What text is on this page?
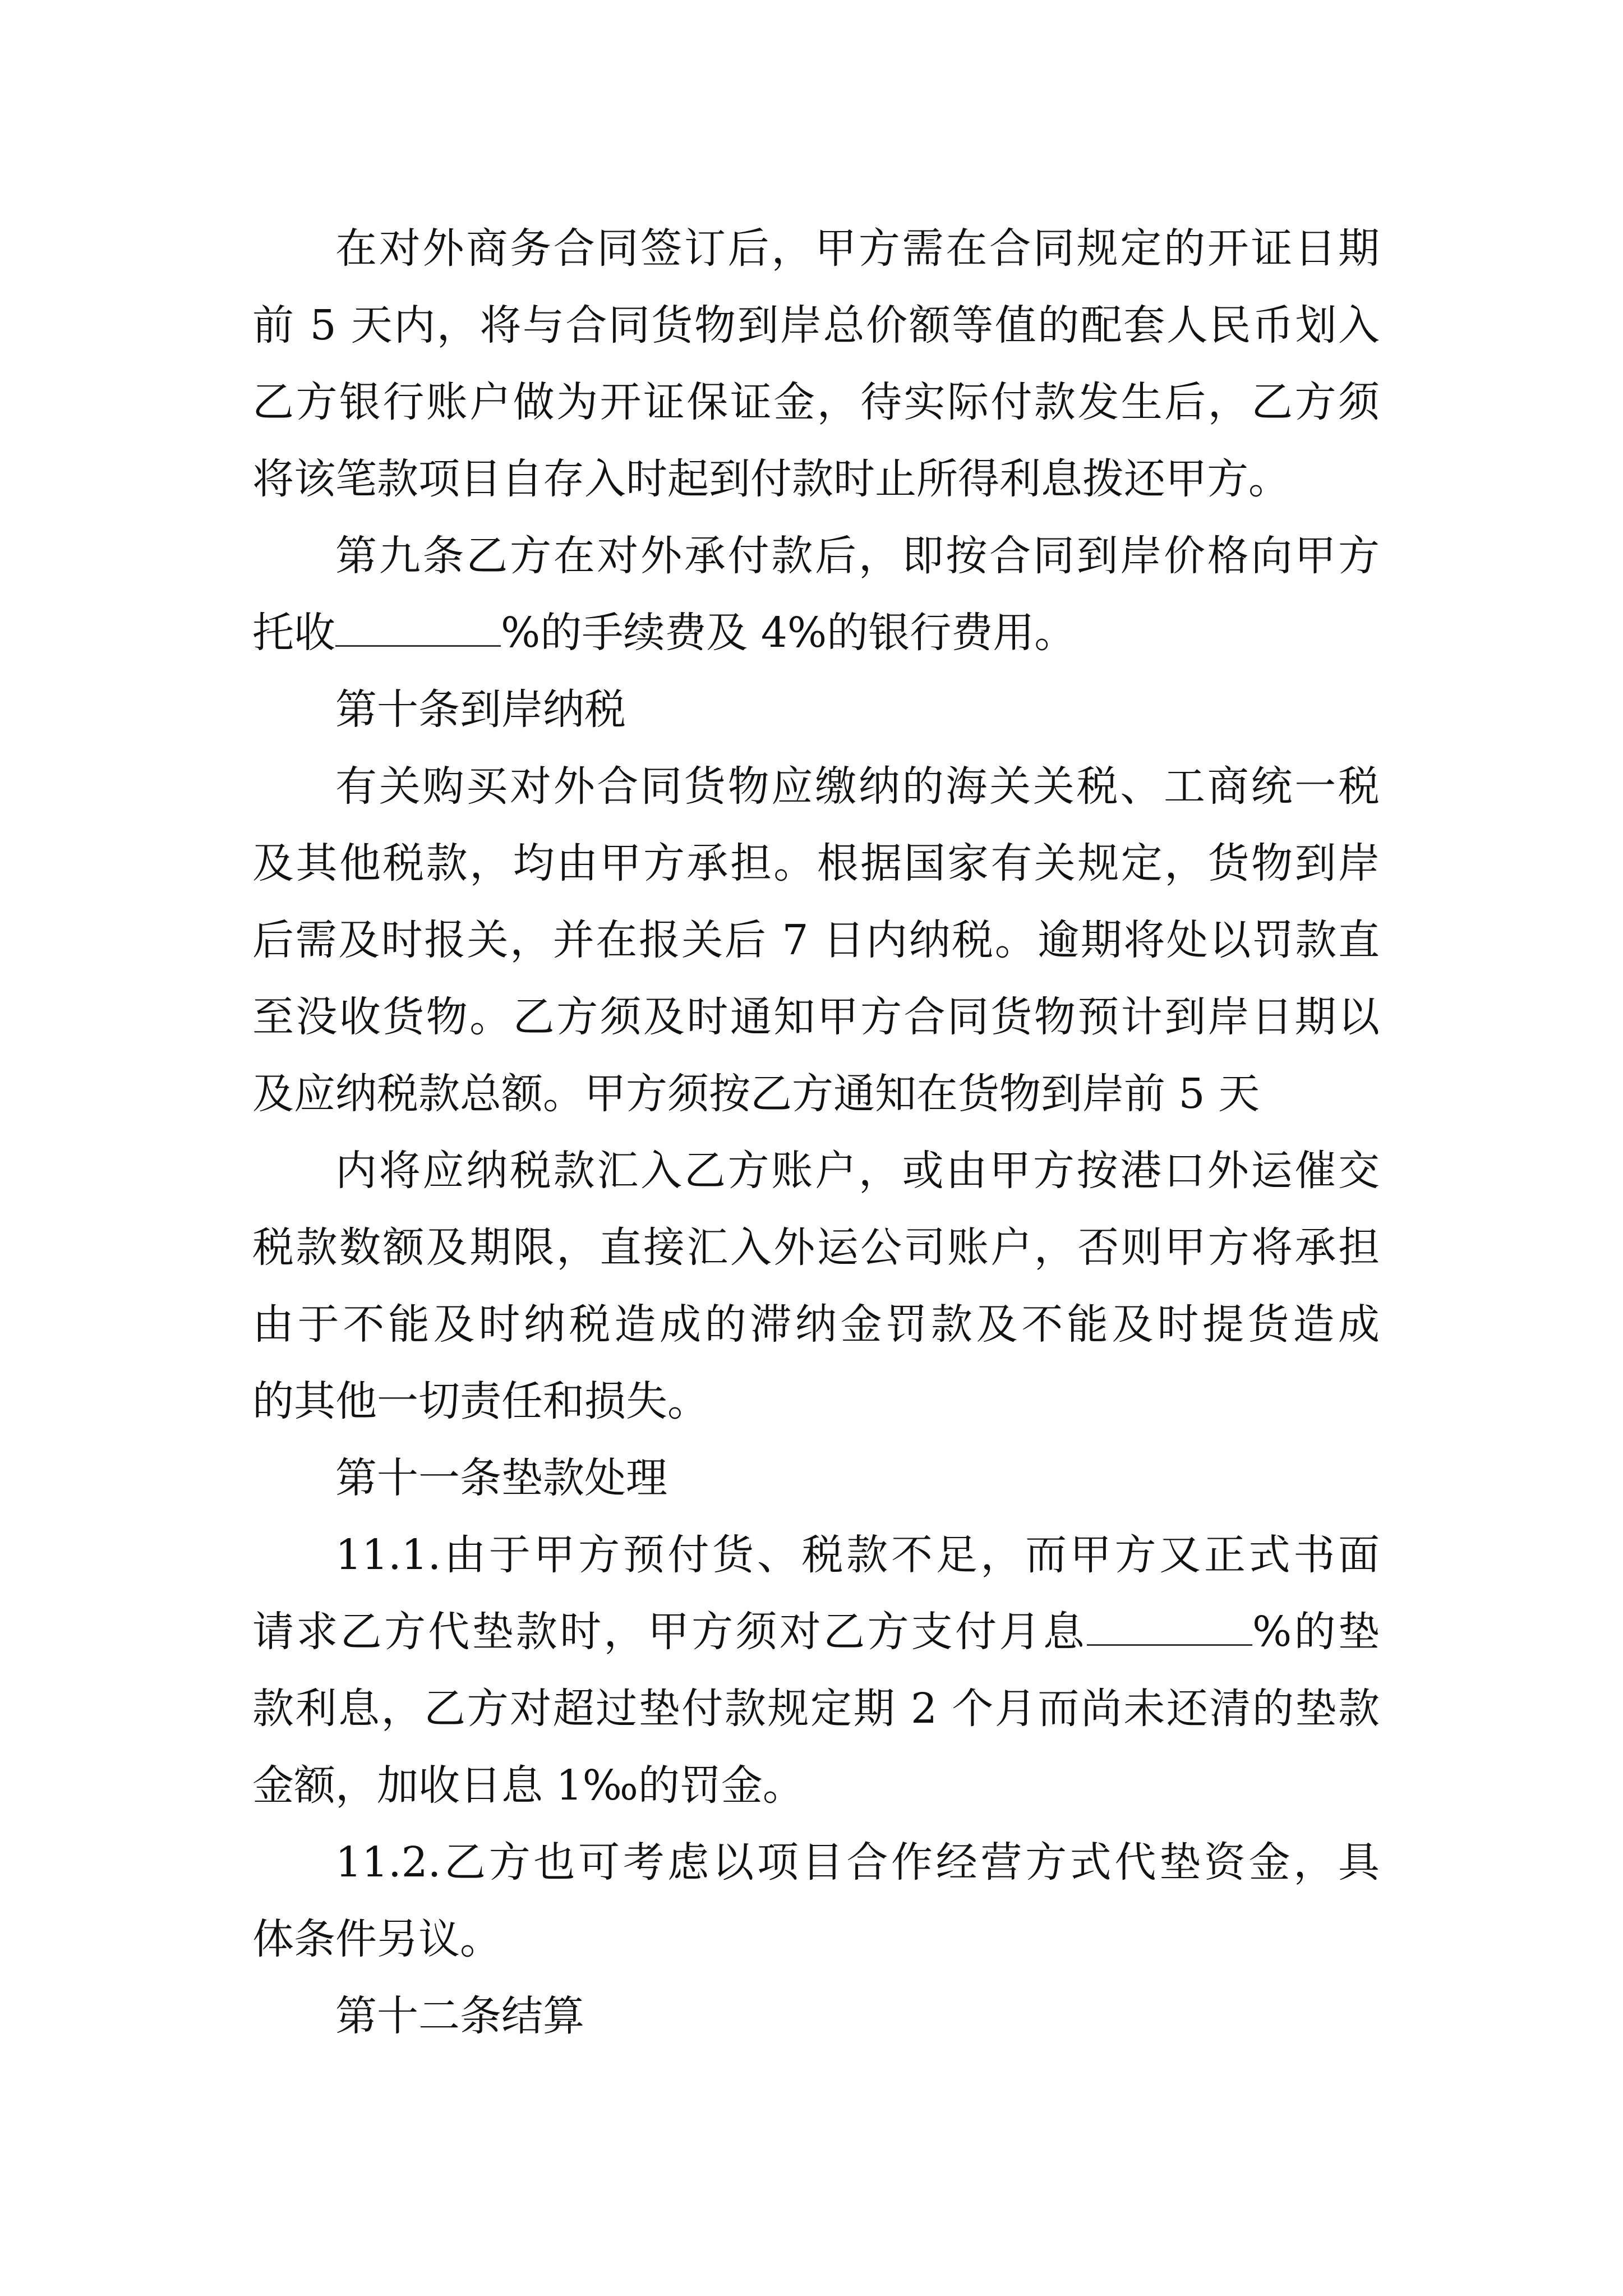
在对外商务合同签订后，甲方需在合同规定的开证日期
前 5 天内，将与合同货物到岸总价额等值的配套人民币划入
乙方银行账户做为开证保证金，待实际付款发生后，乙方须
将该笔款项目自存入时起到付款时止所得利息拨还甲方。
第九条乙方在对外承付款后，即按合同到岸价格向甲方
托收	%的手续费及 4%的银行费用。
第十条到岸纳税
有关购买对外合同货物应缴纳的海关关税、工商统一税
及其他税款，均由甲方承担。根据国家有关规定，货物到岸
后需及时报关，并在报关后 7 日内纳税。逾期将处以罚款直
至没收货物。乙方须及时通知甲方合同货物预计到岸日期以
及应纳税款总额。甲方须按乙方通知在货物到岸前 5 天
内将应纳税款汇入乙方账户，或由甲方按港口外运催交
税款数额及期限，直接汇入外运公司账户，否则甲方将承担
由于不能及时纳税造成的滞纳金罚款及不能及时提货造成
的其他一切责任和损失。
第十一条垫款处理
11.1.由于甲方预付货、税款不足，而甲方又正式书面
请求乙方代垫款时，甲方须对乙方支付月息	%的垫
款利息，乙方对超过垫付款规定期 2 个月而尚未还清的垫款
金额，加收日息 1‰的罚金。
11.2.乙方也可考虑以项目合作经营方式代垫资金，具
体条件另议。
第十二条结算
